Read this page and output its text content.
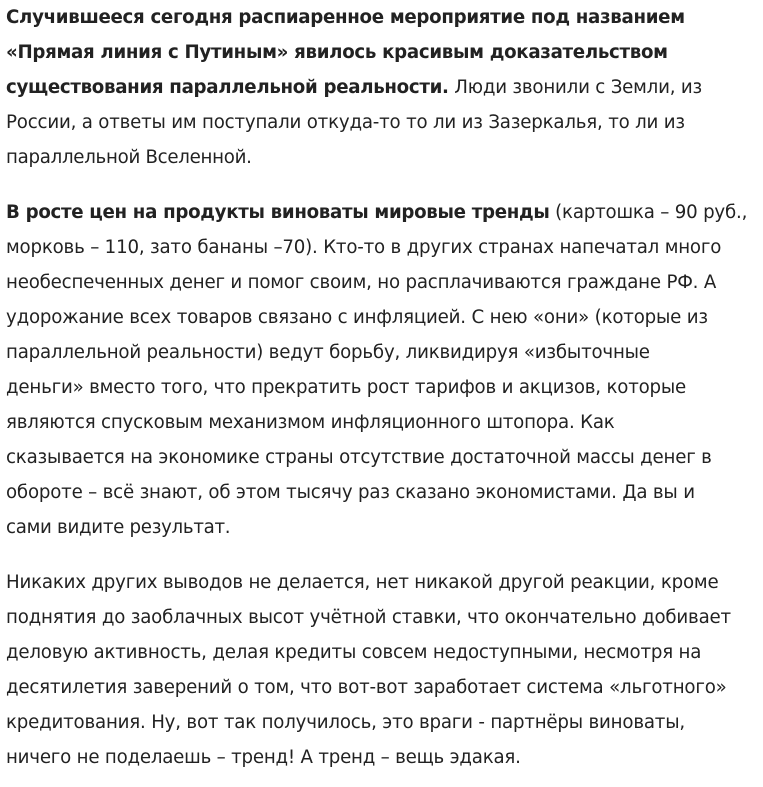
Случившееся сегодня распиаренное мероприятие под названием
«Прямая линия с Путиным» явилось красивым доказательством
существования параллельной реальности. Люди звонили с Земли, из
России, а ответы им поступали откуда-то то ли из Зазеркалья, то ли из
параллельной Вселенной.

В росте цен на продукты виноваты мировые тренды (картошка – 90 руб.,
морковь – 110, зато бананы –70). Кто-то в других странах напечатал много
необеспеченных денег и помог своим, но расплачиваются граждане РФ. А
удорожание всех товаров связано с инфляцией. С нею «они» (которые из
параллельной реальности) ведут борьбу, ликвидируя «избыточные
деньги» вместо того, что прекратить рост тарифов и акцизов, которые
являются спусковым механизмом инфляционного штопора. Как
сказывается на экономике страны отсутствие достаточной массы денег в
обороте – всё знают, об этом тысячу раз сказано экономистами. Да вы и
сами видите результат.

Никаких других выводов не делается, нет никакой другой реакции, кроме
поднятия до заоблачных высот учётной ставки, что окончательно добивает
деловую активность, делая кредиты совсем недоступными, несмотря на
десятилетия заверений о том, что вот-вот заработает система «льготного»
кредитования. Ну, вот так получилось, это враги - партнёры виноваты,
ничего не поделаешь – тренд! А тренд – вещь эдакая.
